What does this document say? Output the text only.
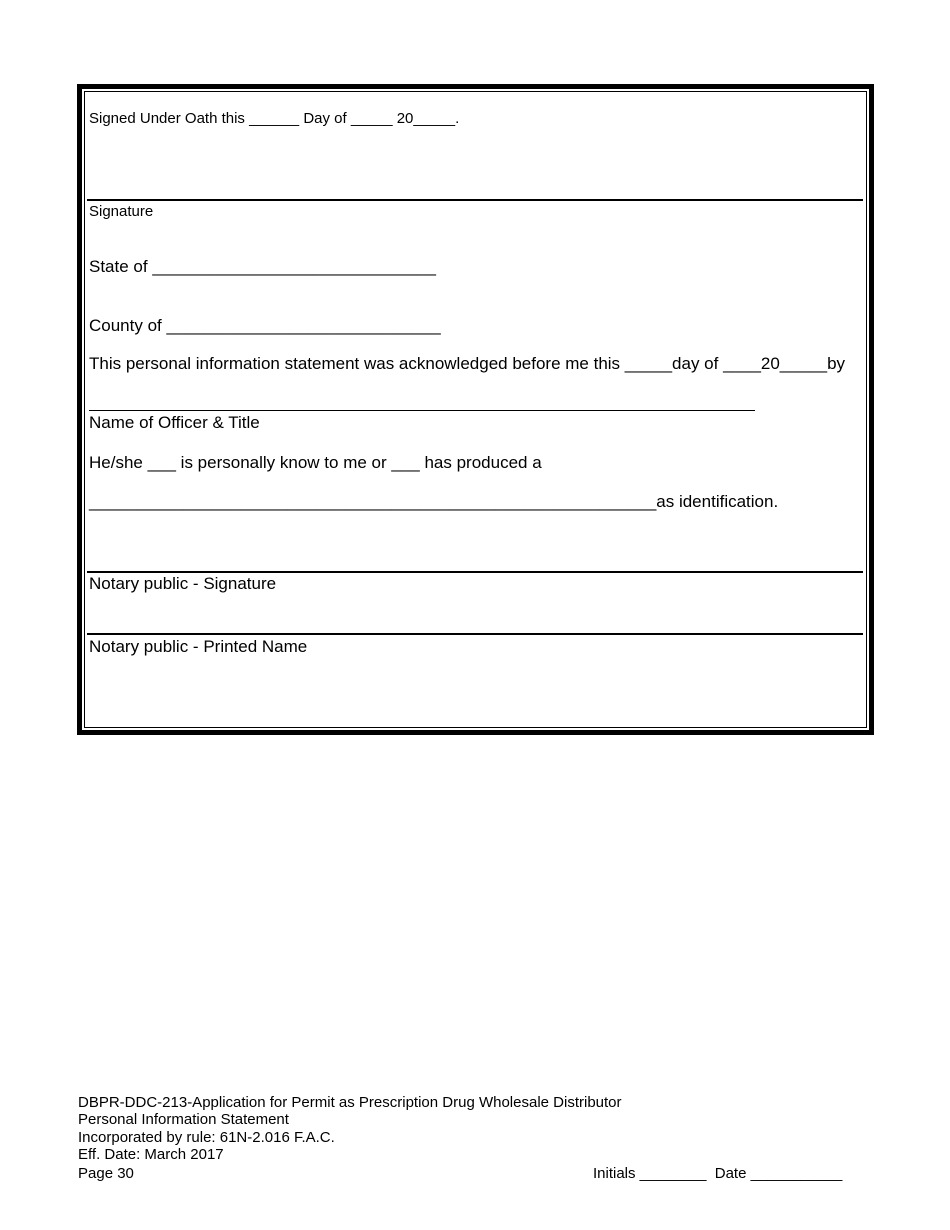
Signed Under Oath this ______ Day of _____ 20_____.
Signature
State of ______________________________
County of _____________________________
This personal information statement was acknowledged before me this _____day of ____20_____by
Name of Officer & Title
He/she ___ is personally know to me or ___ has produced a
____________________________________________________________as identification.
Notary public - Signature
Notary public - Printed Name
DBPR-DDC-213-Application for Permit as Prescription Drug Wholesale Distributor
Personal Information Statement
Incorporated by rule: 61N-2.016 F.A.C.
Eff. Date: March 2017
Page 30	Initials ________  Date ___________
